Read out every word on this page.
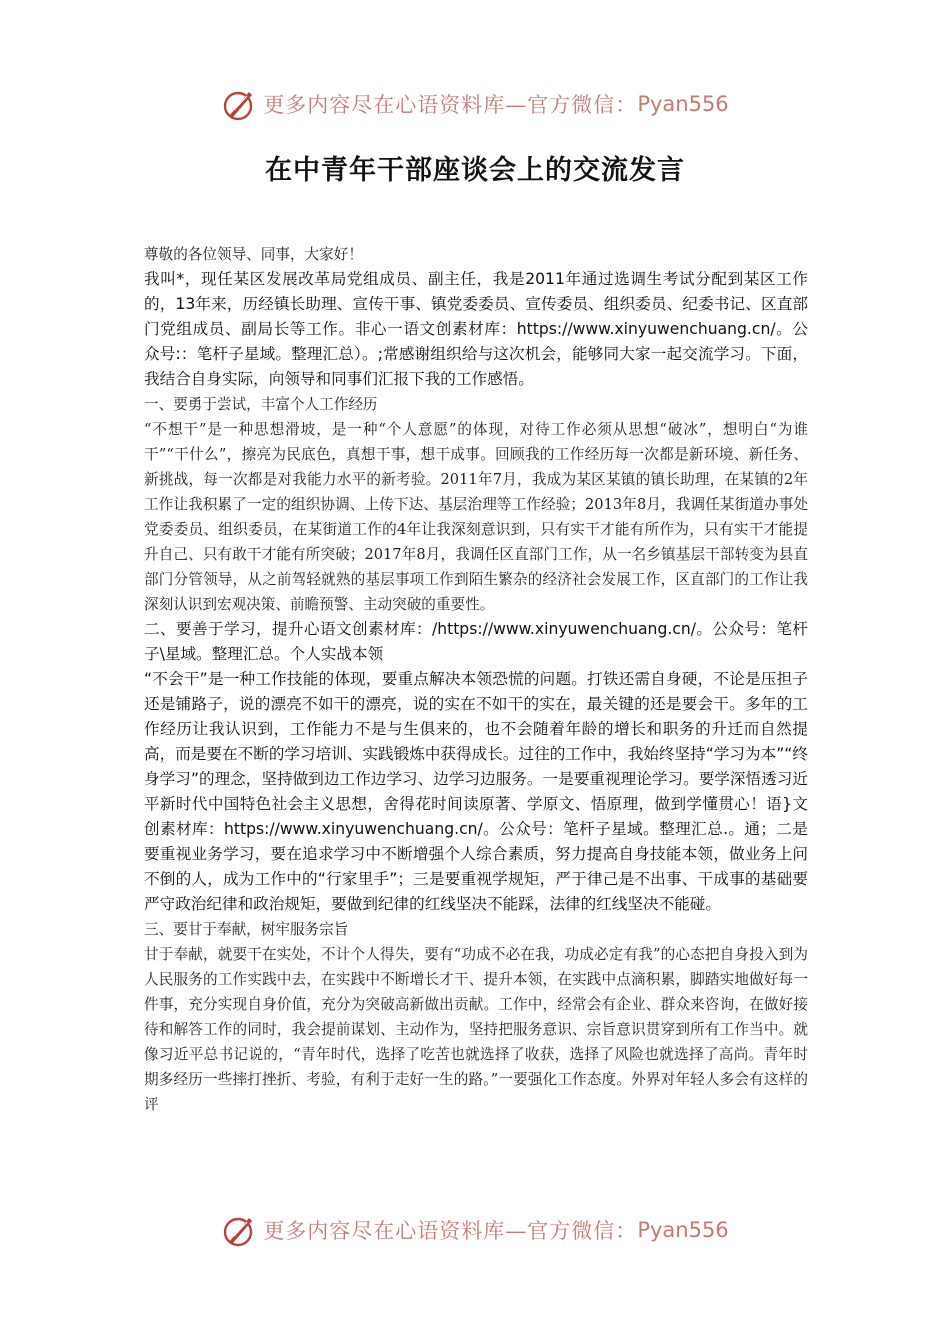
更多内容尽在心语资料库—官方微信： Pyan556
在中青年干部座谈会上的交流发言

尊敬的各位领导、同事，大家好！

我叫*，现任某区发展改革局党组成员、副主任，我是2011年通过选调生考试分配到某区工作的，13年来，历经镇长助理、宣传干事、镇党委委员、宣传委员、组织委员、纪委书记、区直部门党组成员、副局长等工作。非心一语文创素材库：https://www.xinyuwenchuang.cn/。公众号:：笔杆子星域。整理汇总）。;常感谢组织给与这次机会，能够同大家一起交流学习。下面，我结合自身实际，向领导和同事们汇报下我的工作感悟。

一、要勇于尝试，丰富个人工作经历

“不想干”是一种思想滑坡，是一种“个人意愿”的体现，对待工作必须从思想“破冰”，想明白“为谁干”“干什么”，擦亮为民底色，真想干事，想干成事。回顾我的工作经历每一次都是新环境、新任务、新挑战，每一次都是对我能力水平的新考验。2011年7月，我成为某区某镇的镇长助理，在某镇的2年工作让我积累了一定的组织协调、上传下达、基层治理等工作经验；2013年8月，我调任某街道办事处党委委员、组织委员，在某街道工作的4年让我深刻意识到，只有实干才能有所作为，只有实干才能提升自己、只有敢干才能有所突破；2017年8月，我调任区直部门工作，从一名乡镇基层干部转变为县直部门分管领导，从之前驾轻就熟的基层事项工作到陌生繁杂的经济社会发展工作，区直部门的工作让我深刻认识到宏观决策、前瞻预警、主动突破的重要性。

二、要善于学习，提升心语文创素材库：/https://www.xinyuwenchuang.cn/。公众号：笔杆子\星域。整理汇总。个人实战本领

“不会干”是一种工作技能的体现，要重点解决本领恐慌的问题。打铁还需自身硬，不论是压担子还是铺路子，说的漂亮不如干的漂亮，说的实在不如干的实在，最关键的还是要会干。多年的工作经历让我认识到，工作能力不是与生俱来的，也不会随着年龄的增长和职务的升迁而自然提高，而是要在不断的学习培训、实践锻炼中获得成长。过往的工作中，我始终坚持“学习为本”“终身学习”的理念，坚持做到边工作边学习、边学习边服务。一是要重视理论学习。要学深悟透习近平新时代中国特色社会主义思想，舍得花时间读原著、学原文、悟原理，做到学懂贯心！语}文创素材库：https://www.xinyuwenchuang.cn/。公众号：笔杆子星域。整理汇总.。通；二是要重视业务学习，要在追求学习中不断增强个人综合素质，努力提高自身技能本领，做业务上问不倒的人，成为工作中的“行家里手”；三是要重视学规矩，严于律己是不出事、干成事的基础要严守政治纪律和政治规矩，要做到纪律的红线坚决不能踩，法律的红线坚决不能碰。

三、要甘于奉献，树牢服务宗旨

甘于奉献，就要干在实处，不计个人得失，要有“功成不必在我，功成必定有我”的心态把自身投入到为人民服务的工作实践中去，在实践中不断增长才干、提升本领，在实践中点滴积累，脚踏实地做好每一件事，充分实现自身价值，充分为突破高新做出贡献。工作中，经常会有企业、群众来咨询，在做好接待和解答工作的同时，我会提前谋划、主动作为，坚持把服务意识、宗旨意识贯穿到所有工作当中。就像习近平总书记说的，“青年时代，选择了吃苦也就选择了收获，选择了风险也就选择了高尚。青年时期多经历一些摔打挫折、考验，有利于走好一生的路。”一要强化工作态度。外界对年轻人多会有这样的评

更多内容尽在心语资料库—官方微信： Pyan556
